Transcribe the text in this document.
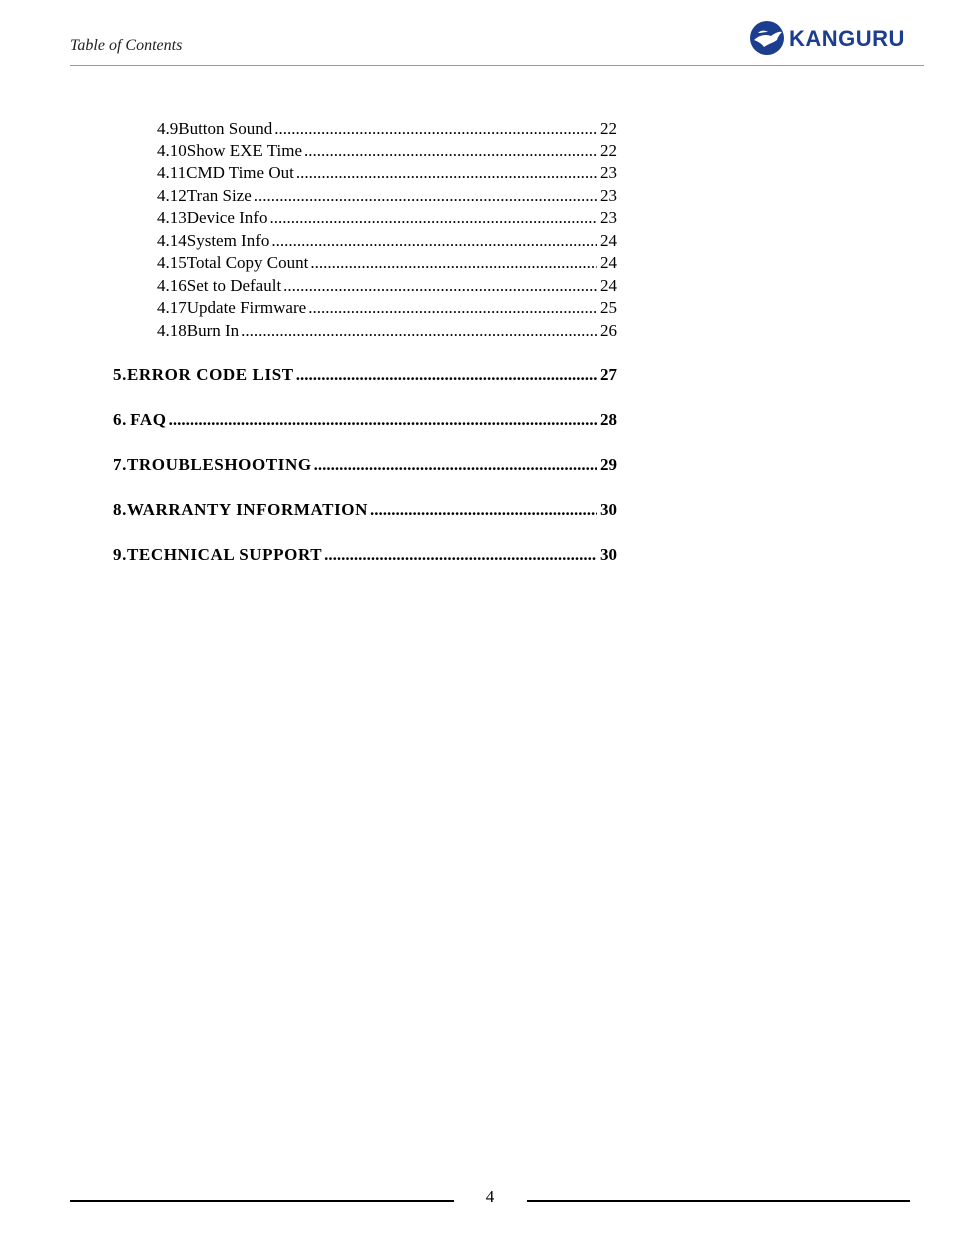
Table of Contents	KANGURU
4.9 Button Sound .....	22
4.10 Show EXE Time .....	22
4.11 CMD Time Out .....	23
4.12 Tran Size .....	23
4.13 Device Info .....	23
4.14 System Info .....	24
4.15 Total Copy Count .....	24
4.16 Set to Default .....	24
4.17 Update Firmware .....	25
4.18 Burn In .....	26
5. ERROR CODE LIST .....	27
6. FAQ .....	28
7. TROUBLESHOOTING .....	29
8. WARRANTY INFORMATION .....	30
9. TECHNICAL SUPPORT .....	30
4
